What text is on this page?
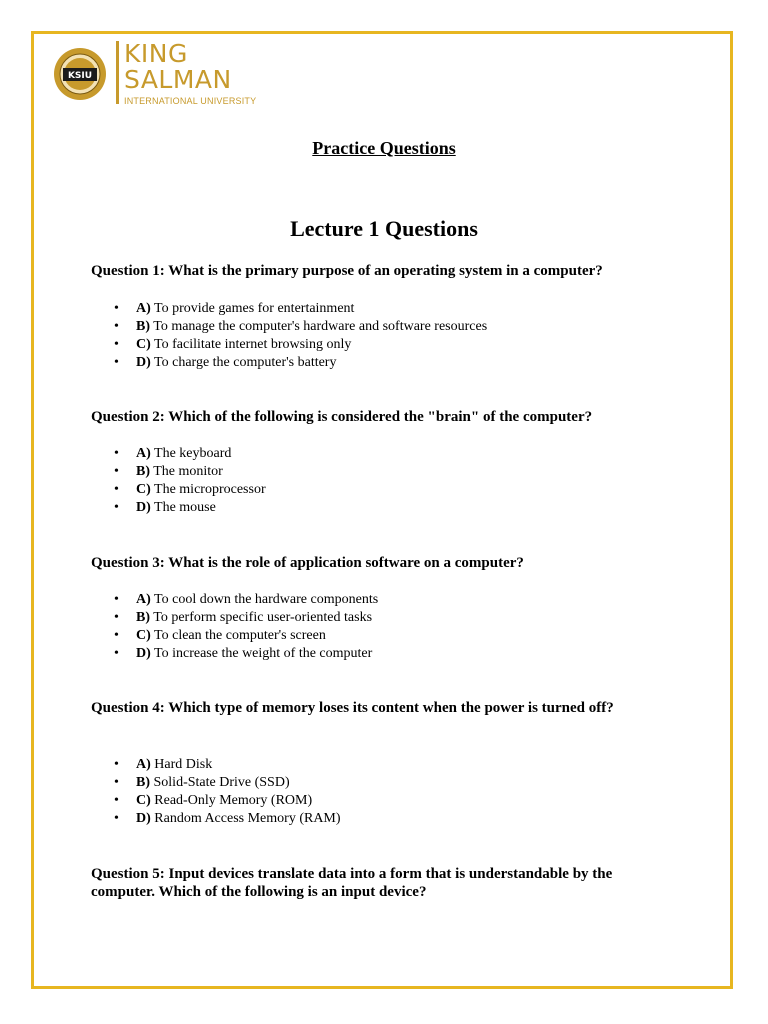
KSIU
KING
SALMAN
INTERNATIONAL UNIVERSITY
Practice Questions
Lecture 1 Questions
Question 1: What is the primary purpose of an operating system in a computer?
• A) To provide games for entertainment
• B) To manage the computer's hardware and software resources
• C) To facilitate internet browsing only
• D) To charge the computer's battery
Question 2: Which of the following is considered the "brain" of the computer?
• A) The keyboard
• B) The monitor
• C) The microprocessor
• D) The mouse
Question 3: What is the role of application software on a computer?
• A) To cool down the hardware components
• B) To perform specific user-oriented tasks
• C) To clean the computer's screen
• D) To increase the weight of the computer
Question 4: Which type of memory loses its content when the power is turned off?
• A) Hard Disk
• B) Solid-State Drive (SSD)
• C) Read-Only Memory (ROM)
• D) Random Access Memory (RAM)
Question 5: Input devices translate data into a form that is understandable by the computer. Which of the following is an input device?
